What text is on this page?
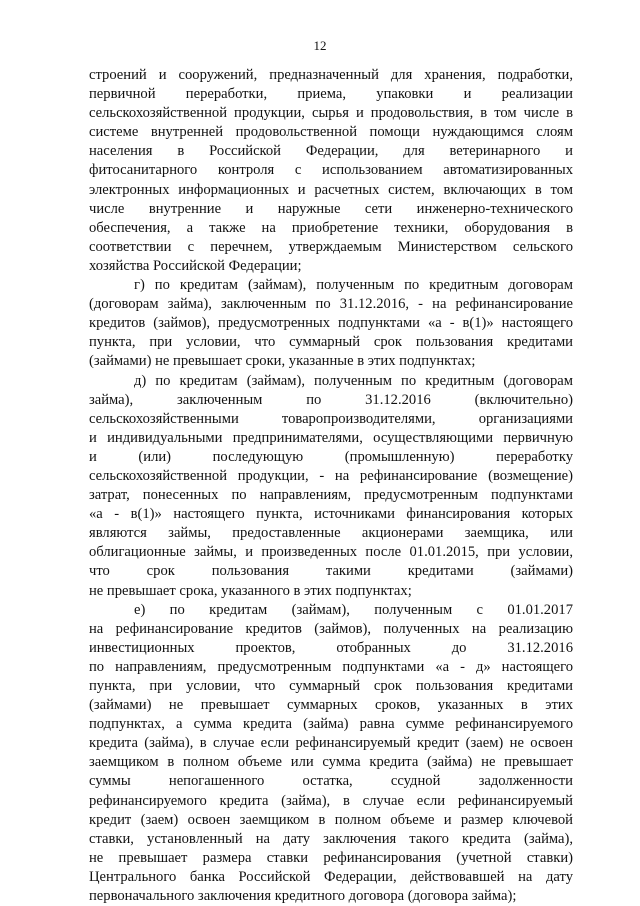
12
строений и сооружений, предназначенный для хранения, подработки,
первичной переработки, приема, упаковки и реализации
сельскохозяйственной продукции, сырья и продовольствия, в том числе в
системе внутренней продовольственной помощи нуждающимся слоям
населения в Российской Федерации, для ветеринарного и
фитосанитарного контроля с использованием автоматизированных
электронных информационных и расчетных систем, включающих в том
числе внутренние и наружные сети инженерно-технического
обеспечения, а также на приобретение техники, оборудования в
соответствии с перечнем, утверждаемым Министерством сельского
хозяйства Российской Федерации;
г) по кредитам (займам), полученным по кредитным договорам
(договорам займа), заключенным по 31.12.2016, - на рефинансирование
кредитов (займов), предусмотренных подпунктами «а - в(1)» настоящего
пункта, при условии, что суммарный срок пользования кредитами
(займами) не превышает сроки, указанные в этих подпунктах;
д) по кредитам (займам), полученным по кредитным (договорам
займа), заключенным по 31.12.2016 (включительно)
сельскохозяйственными товаропроизводителями, организациями
и индивидуальными предпринимателями, осуществляющими первичную
и (или) последующую (промышленную) переработку
сельскохозяйственной продукции, - на рефинансирование (возмещение)
затрат, понесенных по направлениям, предусмотренным подпунктами
«а - в(1)» настоящего пункта, источниками финансирования которых
являются займы, предоставленные акционерами заемщика, или
облигационные займы, и произведенных после 01.01.2015, при условии,
что срок пользования такими кредитами (займами)
не превышает срока, указанного в этих подпунктах;
е) по кредитам (займам), полученным с 01.01.2017
на рефинансирование кредитов (займов), полученных на реализацию
инвестиционных проектов, отобранных до 31.12.2016
по направлениям, предусмотренным подпунктами «а - д» настоящего
пункта, при условии, что суммарный срок пользования кредитами
(займами) не превышает суммарных сроков, указанных в этих
подпунктах, а сумма кредита (займа) равна сумме рефинансируемого
кредита (займа), в случае если рефинансируемый кредит (заем) не освоен
заемщиком в полном объеме или сумма кредита (займа) не превышает
суммы непогашенного остатка, ссудной задолженности
рефинансируемого кредита (займа), в случае если рефинансируемый
кредит (заем) освоен заемщиком в полном объеме и размер ключевой
ставки, установленный на дату заключения такого кредита (займа),
не превышает размера ставки рефинансирования (учетной ставки)
Центрального банка Российской Федерации, действовавшей на дату
первоначального заключения кредитного договора (договора займа);
